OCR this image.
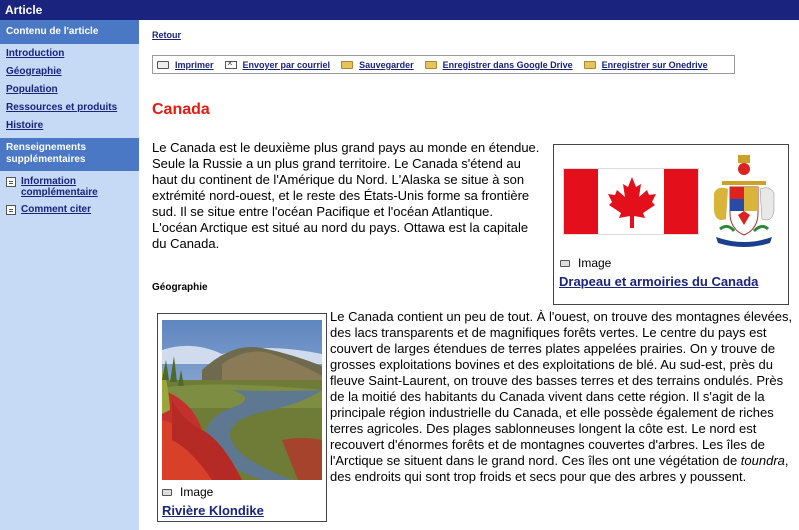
Article
Contenu de l'article
Introduction
Géographie
Population
Ressources et produits
Histoire
Renseignements supplémentaires
Information complémentaire
Comment citer
Retour
Imprimer
✕	Envoyer par courriel	Sauvegarder	Enregistrer dans Google Drive	Enregistrer sur Onedrive
Canada

Le Canada est le deuxième plus grand pays au monde en étendue. Seule la Russie a un plus grand territoire. Le Canada s'étend au haut du continent de l'Amérique du Nord. L'Alaska se situe à son extrémité nord-ouest, et le reste des États-Unis forme sa frontière sud. Il se situe entre l'océan Pacifique et l'océan Atlantique. L'océan Arctique est situé au nord du pays. Ottawa est la capitale du Canada.

Image
Drapeau et armoiries du Canada
Géographie
Image
Rivière Klondike

Le Canada contient un peu de tout. À l'ouest, on trouve des montagnes élevées, des lacs transparents et de magnifiques forêts vertes. Le centre du pays est couvert de larges étendues de terres plates appelées prairies. On y trouve de grosses exploitations bovines et des exploitations de blé. Au sud-est, près du fleuve Saint-Laurent, on trouve des basses terres et des terrains ondulés. Près de la moitié des habitants du Canada vivent dans cette région. Il s'agit de la principale région industrielle du Canada, et elle possède également de riches terres agricoles. Des plages sablonneuses longent la côte est. Le nord est recouvert d'énormes forêts et de montagnes couvertes d'arbres. Les îles de l'Arctique se situent dans le grand nord. Ces îles ont une végétation de toundra, des endroits qui sont trop froids et secs pour que des arbres y poussent.
